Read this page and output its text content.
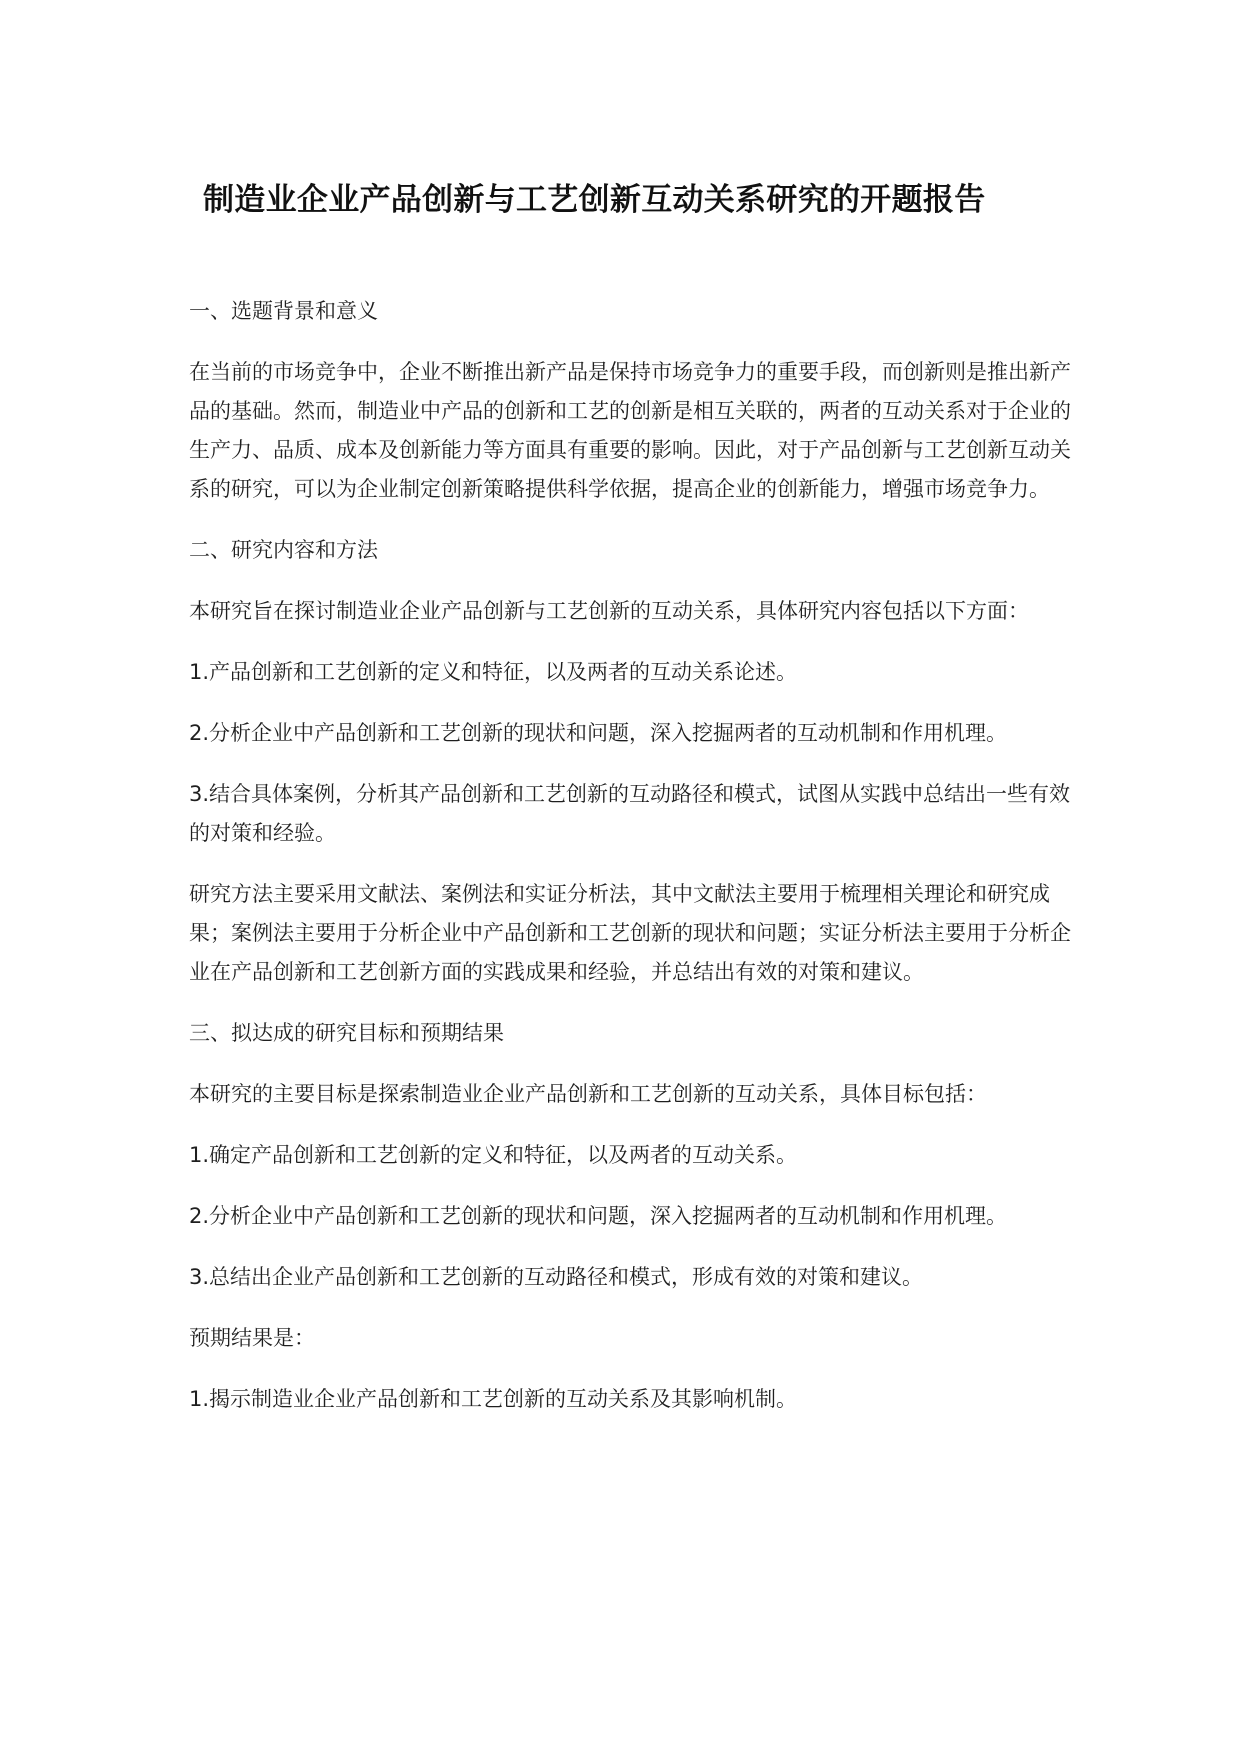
制造业企业产品创新与工艺创新互动关系研究的开题报告

一、选题背景和意义

在当前的市场竞争中，企业不断推出新产品是保持市场竞争力的重要手段，而创新则是推出新产品的基础。然而，制造业中产品的创新和工艺的创新是相互关联的，两者的互动关系对于企业的生产力、品质、成本及创新能力等方面具有重要的影响。因此，对于产品创新与工艺创新互动关系的研究，可以为企业制定创新策略提供科学依据，提高企业的创新能力，增强市场竞争力。

二、研究内容和方法

本研究旨在探讨制造业企业产品创新与工艺创新的互动关系，具体研究内容包括以下方面：

1.产品创新和工艺创新的定义和特征，以及两者的互动关系论述。

2.分析企业中产品创新和工艺创新的现状和问题，深入挖掘两者的互动机制和作用机理。

3.结合具体案例，分析其产品创新和工艺创新的互动路径和模式，试图从实践中总结出一些有效的对策和经验。

研究方法主要采用文献法、案例法和实证分析法，其中文献法主要用于梳理相关理论和研究成果；案例法主要用于分析企业中产品创新和工艺创新的现状和问题；实证分析法主要用于分析企业在产品创新和工艺创新方面的实践成果和经验，并总结出有效的对策和建议。

三、拟达成的研究目标和预期结果

本研究的主要目标是探索制造业企业产品创新和工艺创新的互动关系，具体目标包括：

1.确定产品创新和工艺创新的定义和特征，以及两者的互动关系。

2.分析企业中产品创新和工艺创新的现状和问题，深入挖掘两者的互动机制和作用机理。

3.总结出企业产品创新和工艺创新的互动路径和模式，形成有效的对策和建议。

预期结果是：

1.揭示制造业企业产品创新和工艺创新的互动关系及其影响机制。
